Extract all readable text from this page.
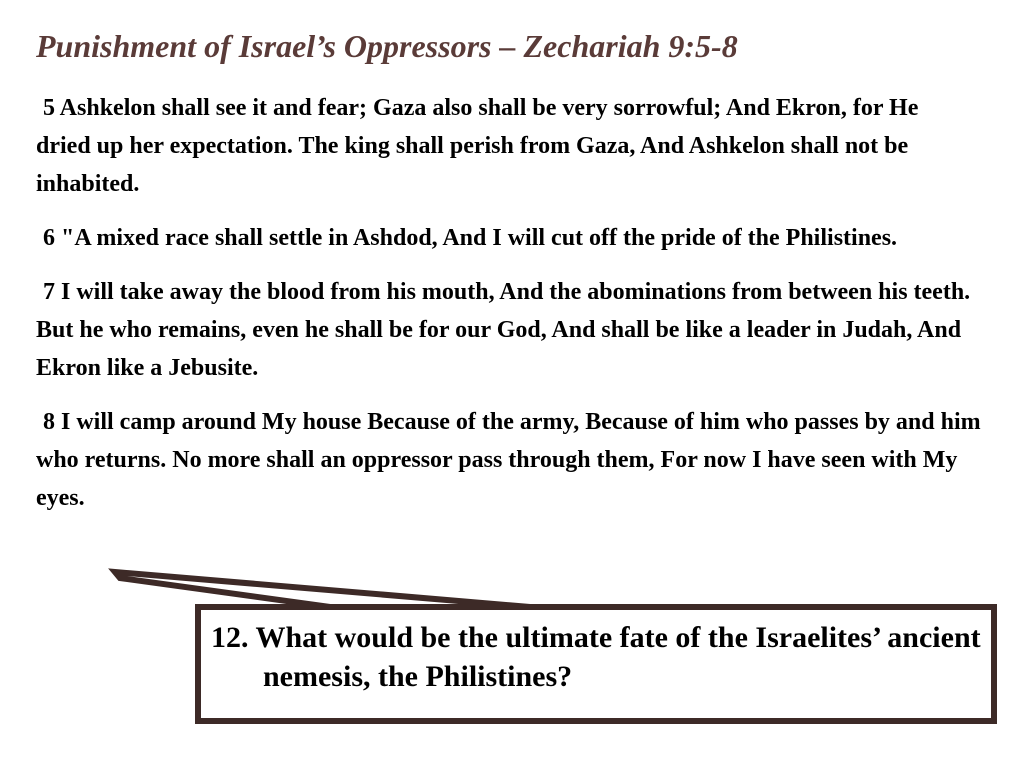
Punishment of Israel’s Oppressors – Zechariah 9:5-8

5 Ashkelon shall see it and fear; Gaza also shall be very sorrowful; And Ekron, for He dried up her expectation. The king shall perish from Gaza, And Ashkelon shall not be inhabited.

6 "A mixed race shall settle in Ashdod, And I will cut off the pride of the Philistines.

7 I will take away the blood from his mouth, And the abominations from between his teeth. But he who remains, even he shall be for our God, And shall be like a leader in Judah, And Ekron like a Jebusite.

8 I will camp around My house Because of the army, Because of him who passes by and him who returns. No more shall an oppressor pass through them, For now I have seen with My eyes.

12. What would be the ultimate fate of the Israelites’ ancient nemesis, the Philistines?
